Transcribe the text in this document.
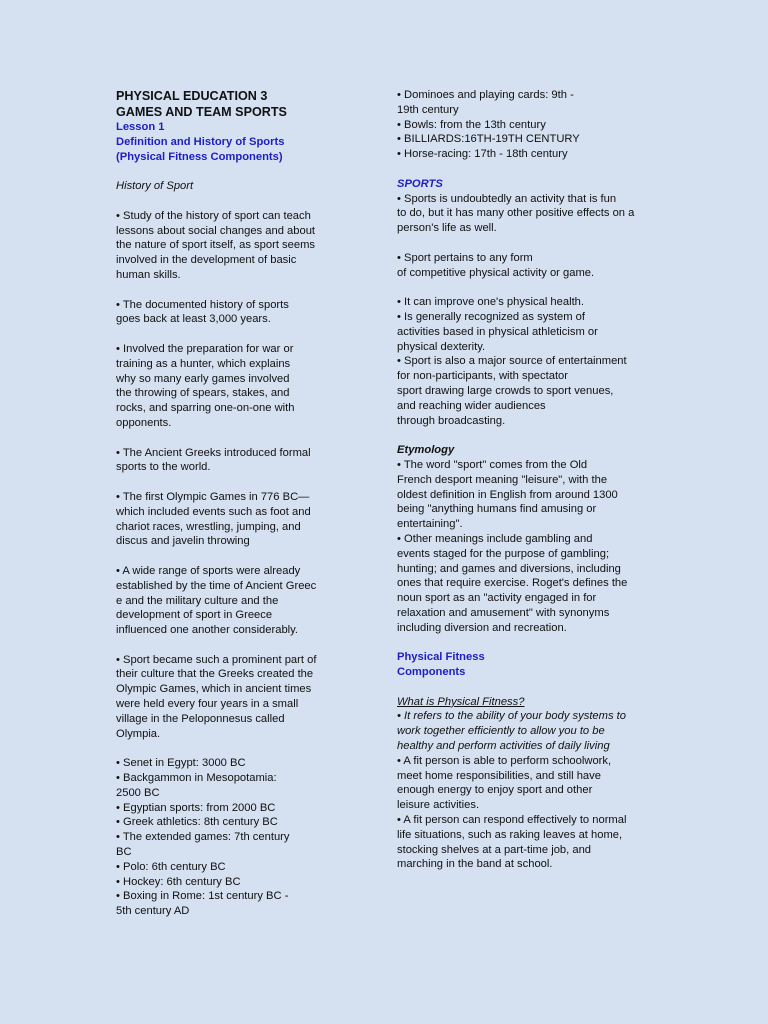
PHYSICAL EDUCATION 3

GAMES AND TEAM SPORTS

Lesson 1

Definition and History of Sports

(Physical Fitness Components)

History of Sport

• Study of the history of sport can teach
lessons about social changes and about
the nature of sport itself, as sport seems
involved in the development of basic
human skills.

• The documented history of sports
goes back at least 3,000 years.

• Involved the preparation for war or
training as a hunter, which explains
why so many early games involved
the throwing of spears, stakes, and
rocks, and sparring one-on-one with
opponents.

• The Ancient Greeks introduced formal
sports to the world.

• The first Olympic Games in 776 BC—
which included events such as foot and
chariot races, wrestling, jumping, and
discus and javelin throwing

• A wide range of sports were already
established by the time of Ancient Greec
e and the military culture and the
development of sport in Greece
influenced one another considerably.

• Sport became such a prominent part of
their culture that the Greeks created the
Olympic Games, which in ancient times
were held every four years in a small
village in the Peloponnesus called
Olympia.

• Senet in Egypt: 3000 BC
• Backgammon in Mesopotamia:
2500 BC
• Egyptian sports: from 2000 BC
• Greek athletics: 8th century BC
• The extended games: 7th century
BC
• Polo: 6th century BC
• Hockey: 6th century BC
• Boxing in Rome: 1st century BC -
5th century AD

• Dominoes and playing cards: 9th -
19th century
• Bowls: from the 13th century
• BILLIARDS:16TH-19TH CENTURY
• Horse-racing: 17th - 18th century

SPORTS

• Sports is undoubtedly an activity that is fun
to do, but it has many other positive effects on a
person's life as well.

• Sport pertains to any form
of competitive physical activity or game.

• It can improve one's physical health.
• Is generally recognized as system of
activities based in physical athleticism or
physical dexterity.
• Sport is also a major source of entertainment
for non-participants, with spectator
sport drawing large crowds to sport venues,
and reaching wider audiences
through broadcasting.

Etymology

• The word "sport" comes from the Old
French desport meaning "leisure", with the
oldest definition in English from around 1300
being "anything humans find amusing or
entertaining".
• Other meanings include gambling and
events staged for the purpose of gambling;
hunting; and games and diversions, including
ones that require exercise. Roget's defines the
noun sport as an "activity engaged in for
relaxation and amusement" with synonyms
including diversion and recreation.

Physical Fitness

Components

What is Physical Fitness?

• It refers to the ability of your body systems to
work together efficiently to allow you to be
healthy and perform activities of daily living

• A fit person is able to perform schoolwork,
meet home responsibilities, and still have
enough energy to enjoy sport and other
leisure activities.
• A fit person can respond effectively to normal
life situations, such as raking leaves at home,
stocking shelves at a part-time job, and
marching in the band at school.
